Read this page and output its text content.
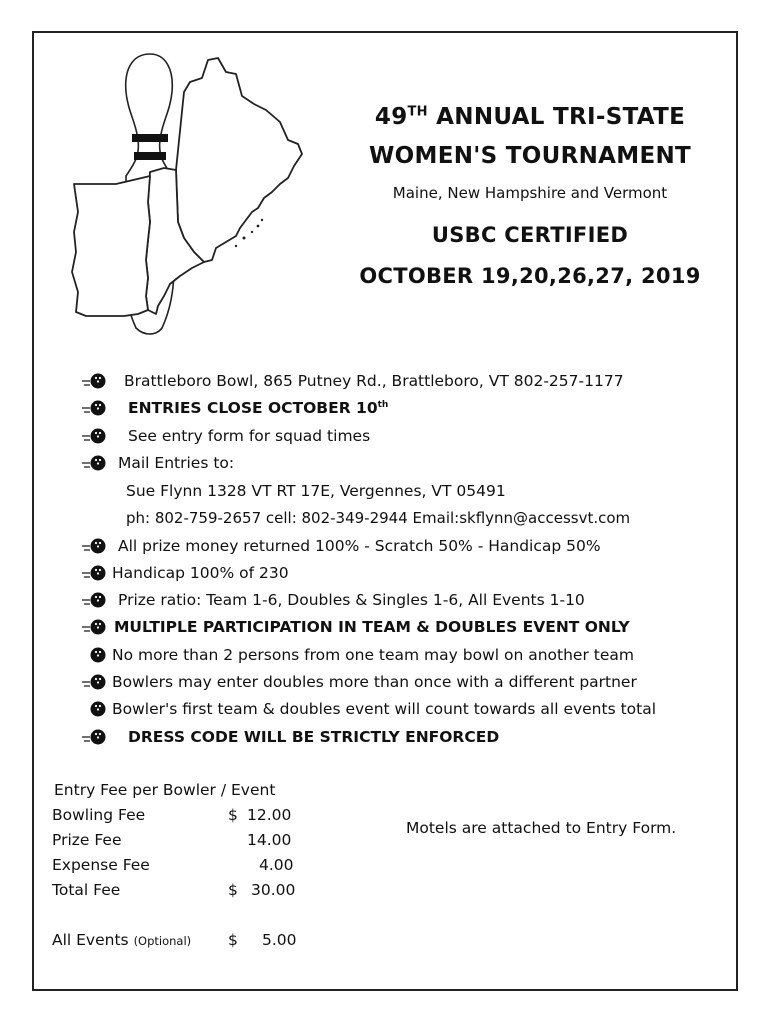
49TH ANNUAL TRI-STATE
WOMEN'S TOURNAMENT
Maine, New Hampshire and Vermont
USBC CERTIFIED
OCTOBER 19,20,26,27, 2019
Brattleboro Bowl, 865 Putney Rd., Brattleboro, VT 802-257-1177
ENTRIES CLOSE OCTOBER 10th
See entry form for squad times
Mail Entries to:
Sue Flynn 1328 VT RT 17E, Vergennes, VT 05491
ph: 802-759-2657 cell: 802-349-2944 Email:skflynn@accessvt.com
All prize money returned 100% - Scratch 50% - Handicap 50%
Handicap 100% of 230
Prize ratio: Team 1-6, Doubles & Singles 1-6, All Events 1-10
MULTIPLE PARTICIPATION IN TEAM & DOUBLES EVENT ONLY
No more than 2 persons from one team may bowl on another team
Bowlers may enter doubles more than once with a different partner
Bowler's first team & doubles event will count towards all events total
DRESS CODE WILL BE STRICTLY ENFORCED
Entry Fee per Bowler / Event
Bowling Fee	$ 12.00
Prize Fee	14.00
Expense Fee	4.00
Total Fee	$ 30.00
All Events (Optional) $ 5.00
Motels are attached to Entry Form.
